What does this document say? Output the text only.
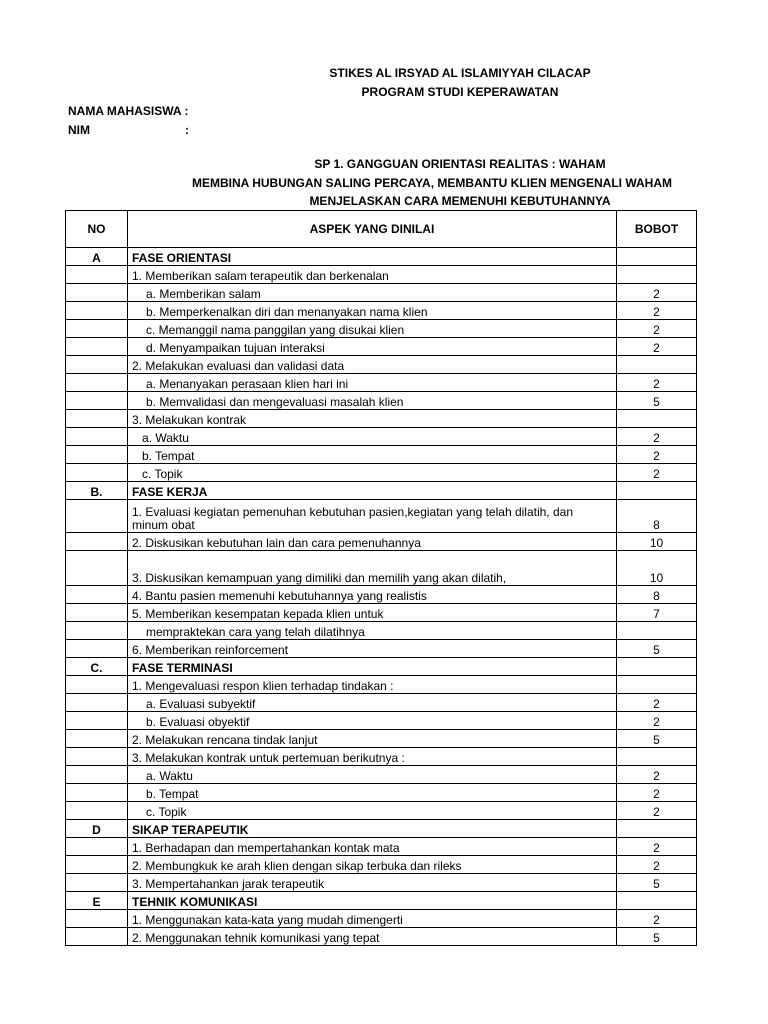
STIKES AL IRSYAD AL ISLAMIYYAH CILACAP
PROGRAM STUDI KEPERAWATAN
NAMA MAHASISWA :
NIM	:
SP 1. GANGGUAN ORIENTASI REALITAS : WAHAM
MEMBINA HUBUNGAN SALING PERCAYA, MEMBANTU KLIEN MENGENALI WAHAM
MENJELASKAN CARA MEMENUHI KEBUTUHANNYA
NO	ASPEK YANG DINILAI	BOBOT
A	FASE ORIENTASI	
	1. Memberikan salam terapeutik dan berkenalan	
	a. Memberikan salam	2
	b. Memperkenalkan diri dan menanyakan nama klien	2
	c. Memanggil nama panggilan yang disukai klien	2
	d. Menyampaikan tujuan interaksi	2
	2. Melakukan evaluasi dan validasi data	
	a. Menanyakan perasaan klien hari ini	2
	b. Memvalidasi dan mengevaluasi masalah klien	5
	3. Melakukan kontrak	
	a. Waktu	2
	b. Tempat	2
	c. Topik	2
B.	FASE KERJA	
	1. Evaluasi kegiatan pemenuhan kebutuhan pasien,kegiatan yang telah dilatih, dan minum obat	8
	2. Diskusikan kebutuhan lain dan cara pemenuhannya	10
	3. Diskusikan kemampuan yang dimiliki dan memilih yang akan dilatih,	10
	4. Bantu pasien memenuhi kebutuhannya yang realistis	8
	5. Memberikan kesempatan kepada klien untuk	7
	mempraktekan cara yang telah dilatihnya	
	6. Memberikan reinforcement	5
C.	FASE TERMINASI	
	1. Mengevaluasi respon klien terhadap tindakan :	
	a. Evaluasi subyektif	2
	b. Evaluasi obyektif	2
	2. Melakukan rencana tindak lanjut	5
	3. Melakukan kontrak untuk pertemuan berikutnya :	
	a. Waktu	2
	b. Tempat	2
	c. Topik	2
D	SIKAP TERAPEUTIK	
	1. Berhadapan dan mempertahankan kontak mata	2
	2. Membungkuk ke arah klien dengan sikap terbuka dan rileks	2
	3. Mempertahankan jarak terapeutik	5
E	TEHNIK KOMUNIKASI	
	1. Menggunakan kata-kata yang mudah dimengerti	2
	2. Menggunakan tehnik komunikasi yang tepat	5
